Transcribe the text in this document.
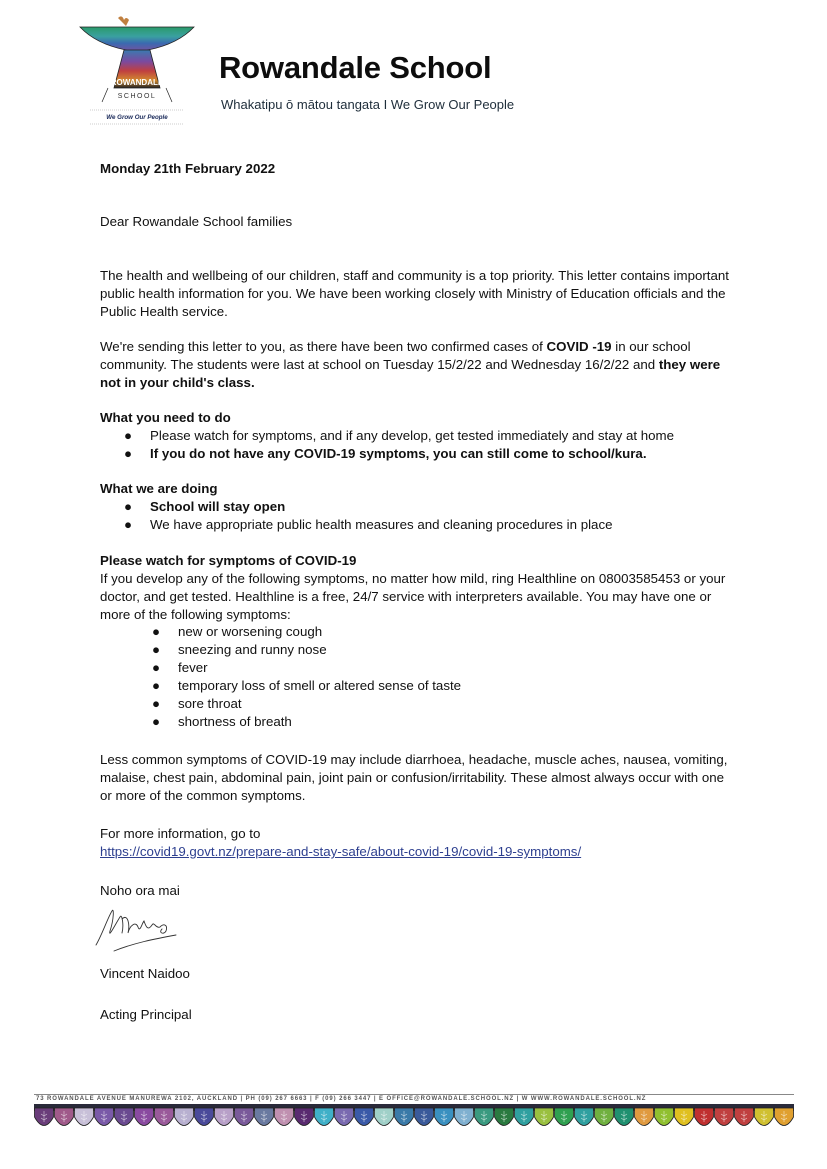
ROWANDALE
SCHOOL
We Grow Our People
Rowandale School
Whakatipu ō mātou tangata I We Grow Our People
Monday 21th February 2022
Dear Rowandale School families
The health and wellbeing of our children, staff and community is a top priority. This letter contains important public health information for you. We have been working closely with Ministry of Education officials and the Public Health service.
We're sending this letter to you, as there have been two confirmed cases of COVID -19 in our school community. The students were last at school on Tuesday 15/2/22 and Wednesday 16/2/22 and they were not in your child's class.
What you need to do
● Please watch for symptoms, and if any develop, get tested immediately and stay at home
● If you do not have any COVID-19 symptoms, you can still come to school/kura.
What we are doing
● School will stay open
● We have appropriate public health measures and cleaning procedures in place
Please watch for symptoms of COVID-19
If you develop any of the following symptoms, no matter how mild, ring Healthline on 08003585453 or your doctor, and get tested. Healthline is a free, 24/7 service with interpreters available. You may have one or more of the following symptoms:
● new or worsening cough
● sneezing and runny nose
● fever
● temporary loss of smell or altered sense of taste
● sore throat
● shortness of breath
Less common symptoms of COVID-19 may include diarrhoea, headache, muscle aches, nausea, vomiting, malaise, chest pain, abdominal pain, joint pain or confusion/irritability. These almost always occur with one or more of the common symptoms.
For more information, go to
https://covid19.govt.nz/prepare-and-stay-safe/about-covid-19/covid-19-symptoms/
Noho ora mai
Vincent Naidoo
Acting Principal
73 ROWANDALE AVENUE MANUREWA 2102, AUCKLAND | PH (09) 267 6663 | F (09) 266 3447 | E OFFICE@ROWANDALE.SCHOOL.NZ | W WWW.ROWANDALE.SCHOOL.NZ
